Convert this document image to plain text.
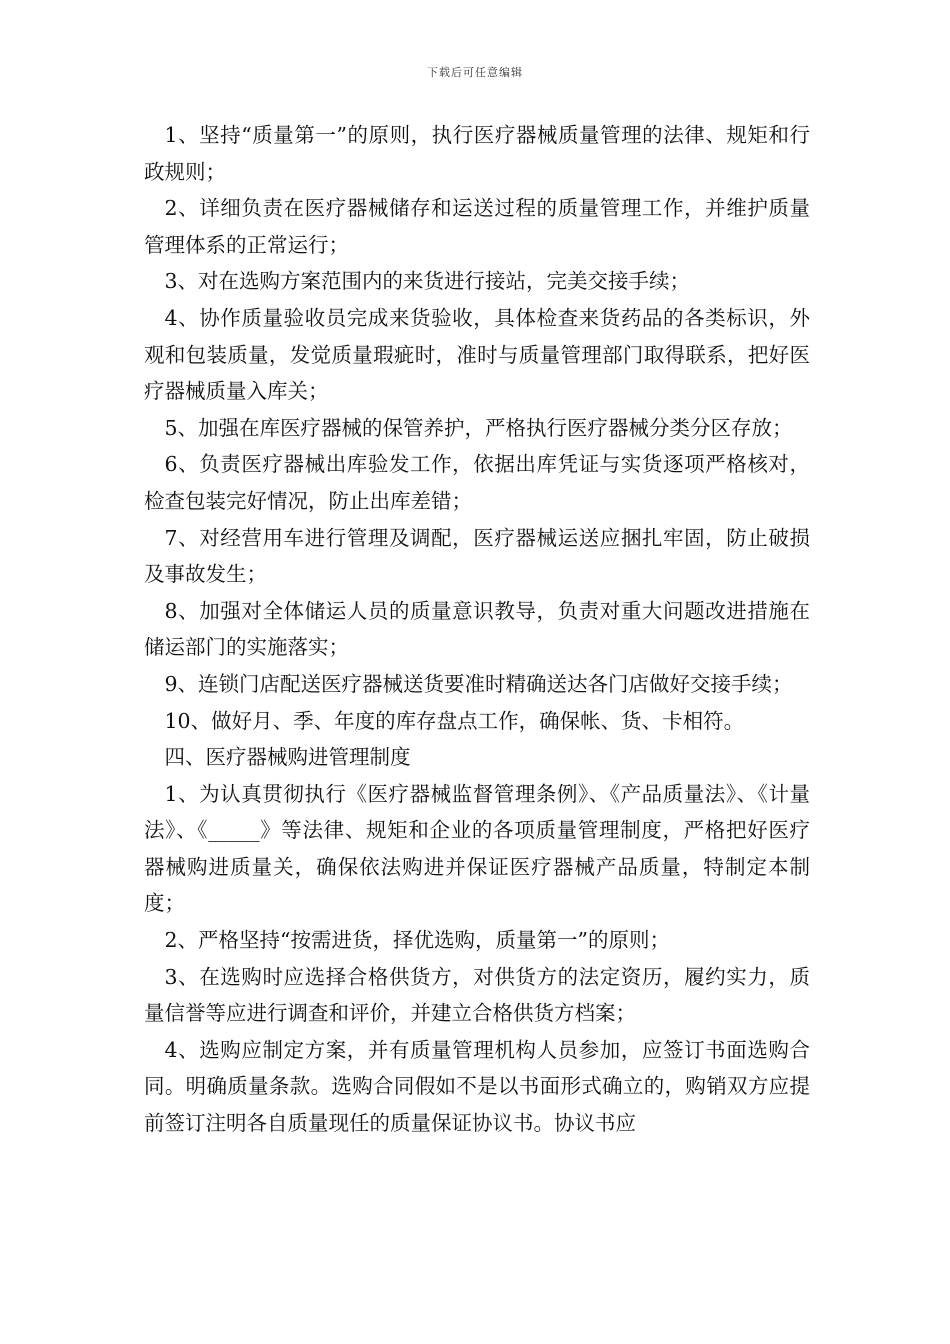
下载后可任意编辑

1、坚持“质量第一”的原则，执行医疗器械质量管理的法律、规矩和行政规则；

2、详细负责在医疗器械储存和运送过程的质量管理工作，并维护质量管理体系的正常运行；

3、对在选购方案范围内的来货进行接站，完美交接手续；

4、协作质量验收员完成来货验收，具体检查来货药品的各类标识，外观和包装质量，发觉质量瑕疵时，准时与质量管理部门取得联系，把好医疗器械质量入库关；

5、加强在库医疗器械的保管养护，严格执行医疗器械分类分区存放；

6、负责医疗器械出库验发工作，依据出库凭证与实货逐项严格核对，检查包装完好情况，防止出库差错；

7、对经营用车进行管理及调配，医疗器械运送应捆扎牢固，防止破损及事故发生；

8、加强对全体储运人员的质量意识教导，负责对重大问题改进措施在储运部门的实施落实；

9、连锁门店配送医疗器械送货要准时精确送达各门店做好交接手续；

10、做好月、季、年度的库存盘点工作，确保帐、货、卡相符。

四、医疗器械购进管理制度

1、为认真贯彻执行《医疗器械监督管理条例》、《产品质量法》、《计量法》、《_____》等法律、规矩和企业的各项质量管理制度，严格把好医疗器械购进质量关，确保依法购进并保证医疗器械产品质量，特制定本制度；

2、严格坚持“按需进货，择优选购，质量第一”的原则；

3、在选购时应选择合格供货方，对供货方的法定资历，履约实力，质量信誉等应进行调查和评价，并建立合格供货方档案；

4、选购应制定方案，并有质量管理机构人员参加，应签订书面选购合同。明确质量条款。选购合同假如不是以书面形式确立的，购销双方应提前签订注明各自质量现任的质量保证协议书。协议书应
